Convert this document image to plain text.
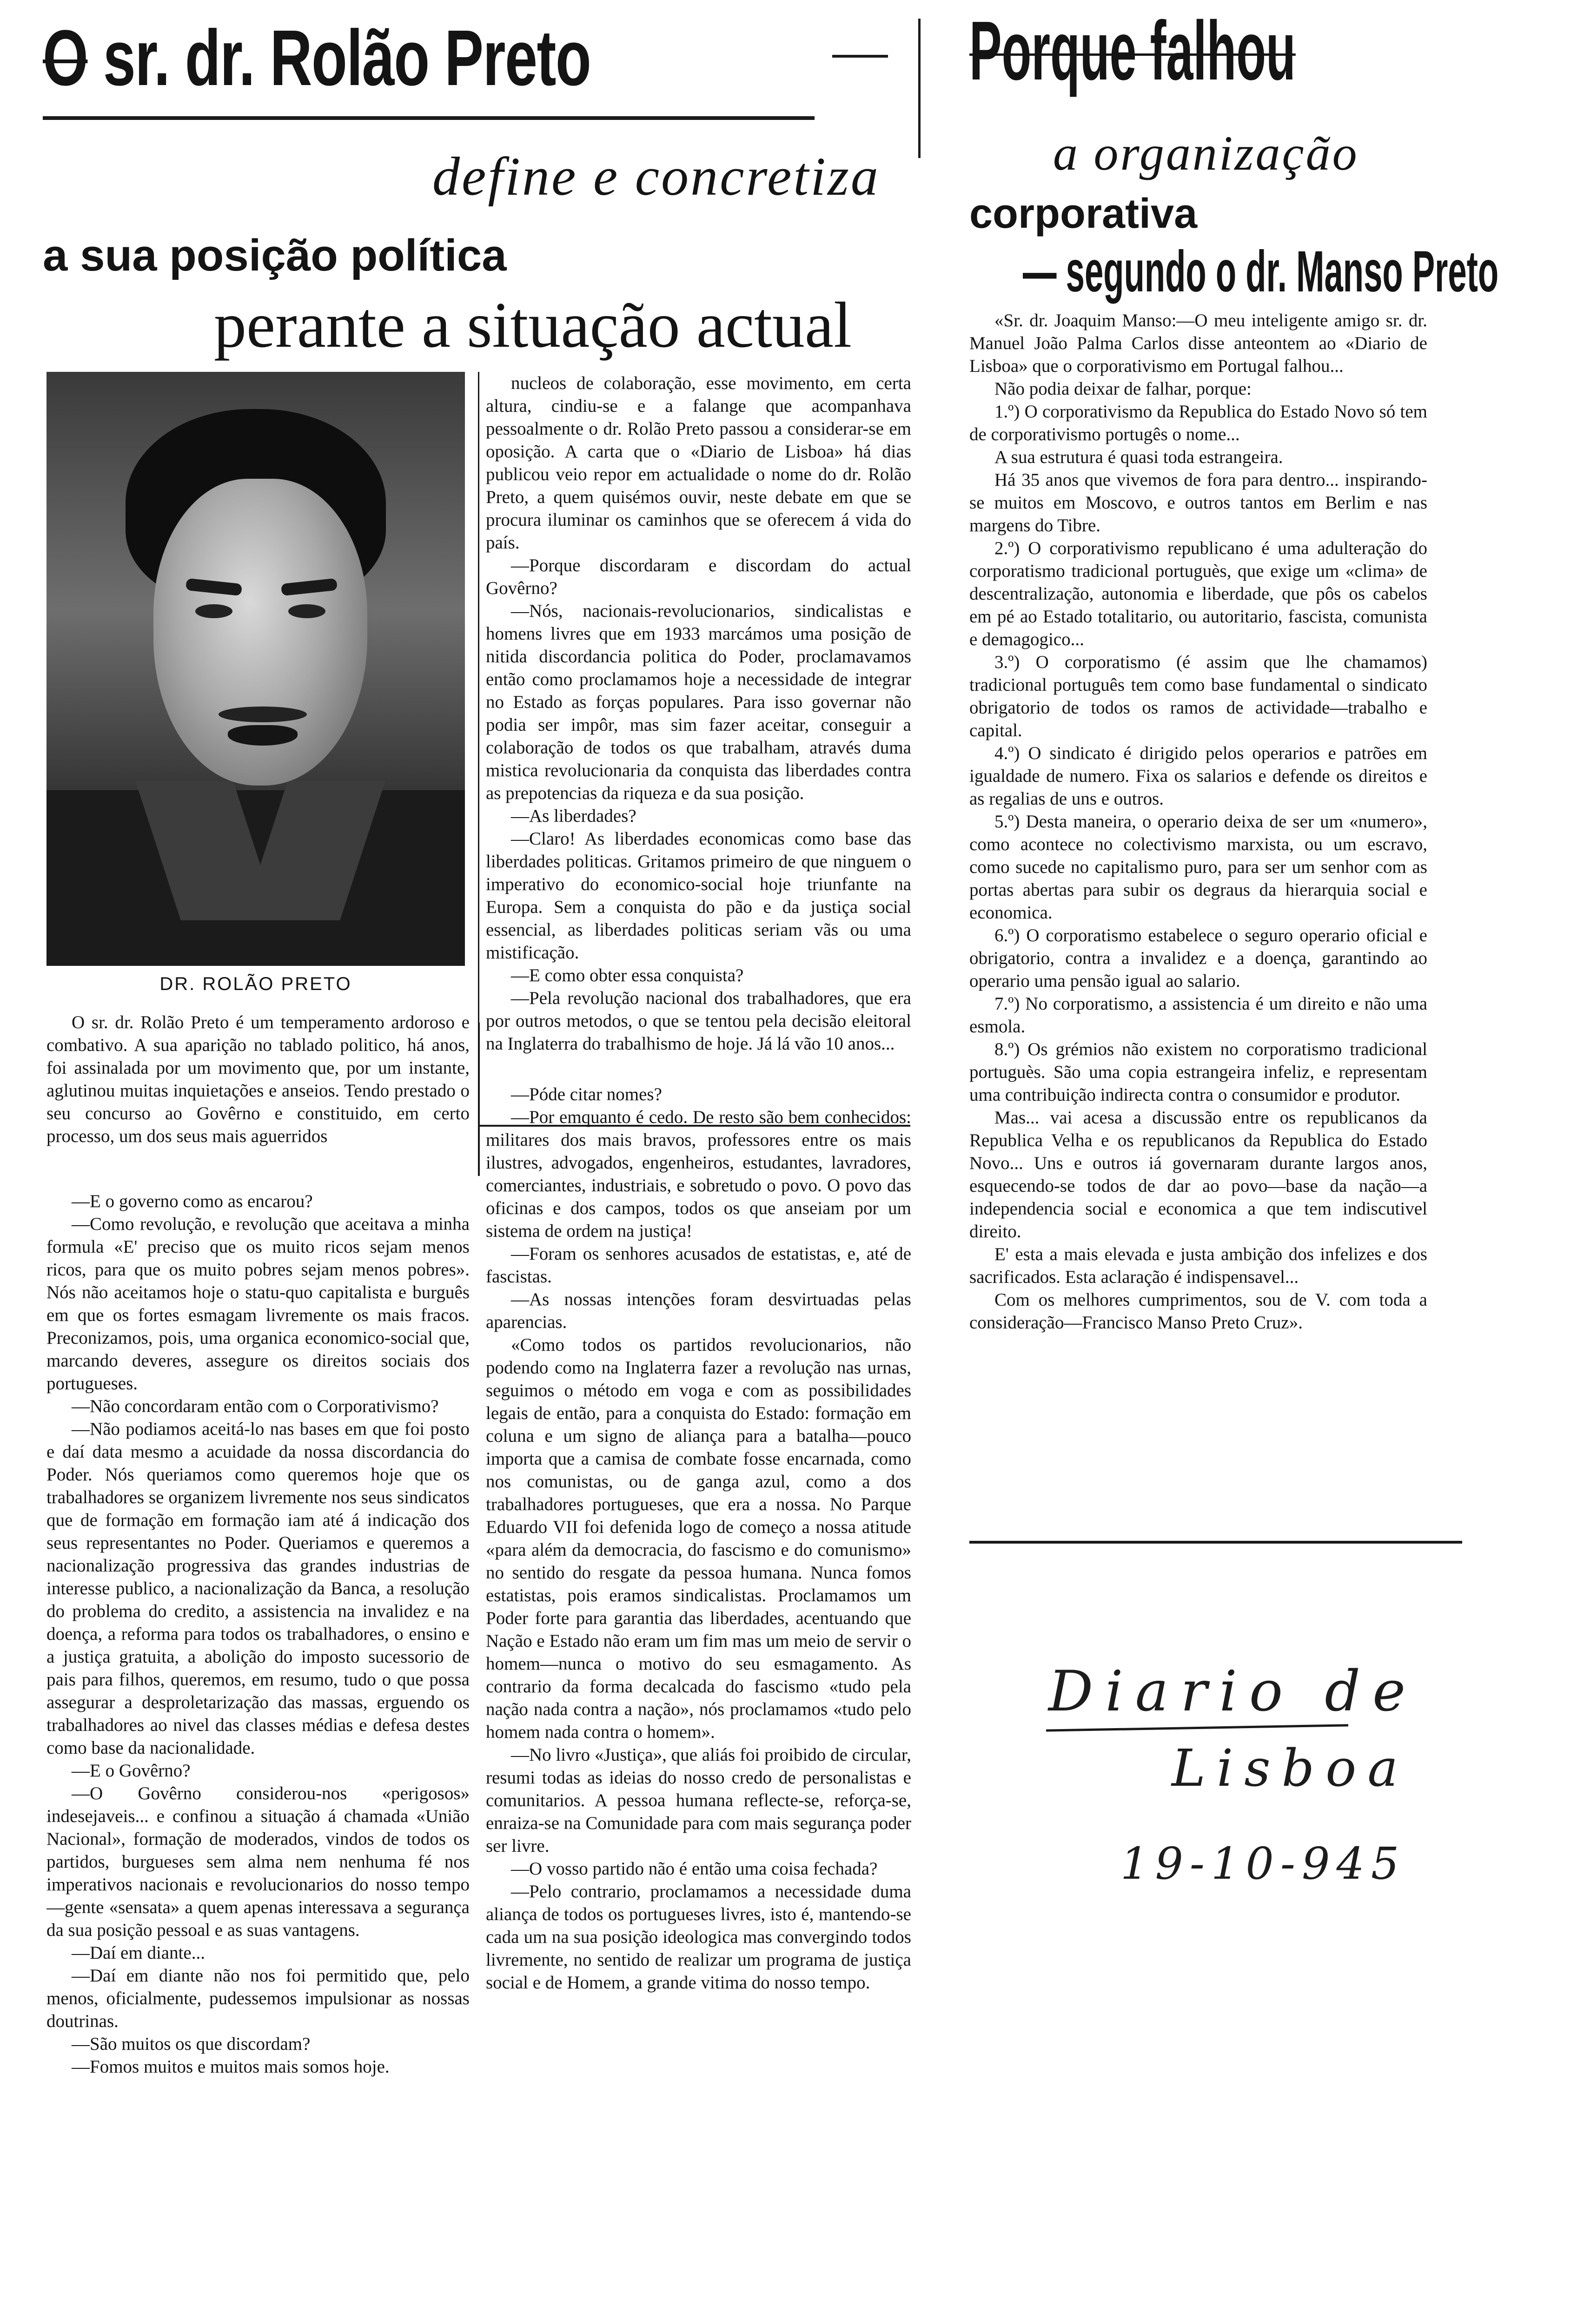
O sr. dr. Rolão Preto
define e concretiza
a sua posição política
perante a situação actual
DR. ROLÃO PRETO

O sr. dr. Rolão Preto é um temperamento ardoroso e combativo. A sua aparição no tablado politico, há anos, foi assinalada por um movimento que, por um instante, aglutinou muitas inquietações e anseios. Tendo prestado o seu concurso ao Govêrno e constituido, em certo processo, um dos seus mais aguerridos

—E o governo como as encarou?

—Como revolução, e revolução que aceitava a minha formula «E' preciso que os muito ricos sejam menos ricos, para que os muito pobres sejam menos pobres». Nós não aceitamos hoje o statu-quo capitalista e burguês em que os fortes esmagam livremente os mais fracos. Preconizamos, pois, uma organica economico-social que, marcando deveres, assegure os direitos sociais dos portugueses.

—Não concordaram então com o Corporativismo?

—Não podiamos aceitá-lo nas bases em que foi posto e daí data mesmo a acuidade da nossa discordancia do Poder. Nós queriamos como queremos hoje que os trabalhadores se organizem livremente nos seus sindicatos que de formação em formação iam até á indicação dos seus representantes no Poder. Queriamos e queremos a nacionalização progressiva das grandes industrias de interesse publico, a nacionalização da Banca, a resolução do problema do credito, a assistencia na invalidez e na doença, a reforma para todos os trabalhadores, o ensino e a justiça gratuita, a abolição do imposto sucessorio de pais para filhos, queremos, em resumo, tudo o que possa assegurar a desproletarização das massas, erguendo os trabalhadores ao nivel das classes médias e defesa destes como base da nacionalidade.

—E o Govêrno?

—O Govêrno considerou-nos «perigosos» indesejaveis... e confinou a situação á chamada «União Nacional», formação de moderados, vindos de todos os partidos, burgueses sem alma nem nenhuma fé nos imperativos nacionais e revolucionarios do nosso tempo—gente «sensata» a quem apenas interessava a segurança da sua posição pessoal e as suas vantagens.

—Daí em diante...

—Daí em diante não nos foi permitido que, pelo menos, oficialmente, pudessemos impulsionar as nossas doutrinas.

—São muitos os que discordam?

—Fomos muitos e muitos mais somos hoje.

nucleos de colaboração, esse movimento, em certa altura, cindiu-se e a falange que acompanhava pessoalmente o dr. Rolão Preto passou a considerar-se em oposição. A carta que o «Diario de Lisboa» há dias publicou veio repor em actualidade o nome do dr. Rolão Preto, a quem quisémos ouvir, neste debate em que se procura iluminar os caminhos que se oferecem á vida do país.

—Porque discordaram e discordam do actual Govêrno?

—Nós, nacionais-revolucionarios, sindicalistas e homens livres que em 1933 marcámos uma posição de nitida discordancia politica do Poder, proclamavamos então como proclamamos hoje a necessidade de integrar no Estado as forças populares. Para isso governar não podia ser impôr, mas sim fazer aceitar, conseguir a colaboração de todos os que trabalham, através duma mistica revolucionaria da conquista das liberdades contra as prepotencias da riqueza e da sua posição.

—As liberdades?

—Claro! As liberdades economicas como base das liberdades politicas. Gritamos primeiro de que ninguem o imperativo do economico-social hoje triunfante na Europa. Sem a conquista do pão e da justiça social essencial, as liberdades politicas seriam vãs ou uma mistificação.

—E como obter essa conquista?

—Pela revolução nacional dos trabalhadores, que era por outros metodos, o que se tentou pela decisão eleitoral na Inglaterra do trabalhismo de hoje. Já lá vão 10 anos...

—Póde citar nomes?

—Por emquanto é cedo. De resto são bem conhecidos: militares dos mais bravos, professores entre os mais ilustres, advogados, engenheiros, estudantes, lavradores, comerciantes, industriais, e sobretudo o povo. O povo das oficinas e dos campos, todos os que anseiam por um sistema de ordem na justiça!

—Foram os senhores acusados de estatistas, e, até de fascistas.

—As nossas intenções foram desvirtuadas pelas aparencias.

«Como todos os partidos revolucionarios, não podendo como na Inglaterra fazer a revolução nas urnas, seguimos o método em voga e com as possibilidades legais de então, para a conquista do Estado: formação em coluna e um signo de aliança para a batalha—pouco importa que a camisa de combate fosse encarnada, como nos comunistas, ou de ganga azul, como a dos trabalhadores portugueses, que era a nossa. No Parque Eduardo VII foi defenida logo de começo a nossa atitude «para além da democracia, do fascismo e do comunismo» no sentido do resgate da pessoa humana. Nunca fomos estatistas, pois eramos sindicalistas. Proclamamos um Poder forte para garantia das liberdades, acentuando que Nação e Estado não eram um fim mas um meio de servir o homem—nunca o motivo do seu esmagamento. As contrario da forma decalcada do fascismo «tudo pela nação nada contra a nação», nós proclamamos «tudo pelo homem nada contra o homem».

—No livro «Justiça», que aliás foi proibido de circular, resumi todas as ideias do nosso credo de personalistas e comunitarios. A pessoa humana reflecte-se, reforça-se, enraiza-se na Comunidade para com mais segurança poder ser livre.

—O vosso partido não é então uma coisa fechada?

—Pelo contrario, proclamamos a necessidade duma aliança de todos os portugueses livres, isto é, mantendo-se cada um na sua posição ideologica mas convergindo todos livremente, no sentido de realizar um programa de justiça social e de Homem, a grande vitima do nosso tempo.

Porque falhou
a organização
corporativa
— segundo o dr. Manso Preto

«Sr. dr. Joaquim Manso:—O meu inteligente amigo sr. dr. Manuel João Palma Carlos disse anteontem ao «Diario de Lisboa» que o corporativismo em Portugal falhou...

Não podia deixar de falhar, porque:

1.º) O corporativismo da Republica do Estado Novo só tem de corporativismo portugês o nome...

A sua estrutura é quasi toda estrangeira.

Há 35 anos que vivemos de fora para dentro... inspirando-se muitos em Moscovo, e outros tantos em Berlim e nas margens do Tibre.

2.º) O corporativismo republicano é uma adulteração do corporatismo tradicional portuguès, que exige um «clima» de descentralização, autonomia e liberdade, que pôs os cabelos em pé ao Estado totalitario, ou autoritario, fascista, comunista e demagogico...

3.º) O corporatismo (é assim que lhe chamamos) tradicional português tem como base fundamental o sindicato obrigatorio de todos os ramos de actividade—trabalho e capital.

4.º) O sindicato é dirigido pelos operarios e patrões em igualdade de numero. Fixa os salarios e defende os direitos e as regalias de uns e outros.

5.º) Desta maneira, o operario deixa de ser um «numero», como acontece no colectivismo marxista, ou um escravo, como sucede no capitalismo puro, para ser um senhor com as portas abertas para subir os degraus da hierarquia social e economica.

6.º) O corporatismo estabelece o seguro operario oficial e obrigatorio, contra a invalidez e a doença, garantindo ao operario uma pensão igual ao salario.

7.º) No corporatismo, a assistencia é um direito e não uma esmola.

8.º) Os grémios não existem no corporatismo tradicional portuguès. São uma copia estrangeira infeliz, e representam uma contribuição indirecta contra o consumidor e produtor.

Mas... vai acesa a discussão entre os republicanos da Republica Velha e os republicanos da Republica do Estado Novo... Uns e outros iá governaram durante largos anos, esquecendo-se todos de dar ao povo—base da nação—a independencia social e economica a que tem indiscutivel direito.

E' esta a mais elevada e justa ambição dos infelizes e dos sacrificados. Esta aclaração é indispensavel...

Com os melhores cumprimentos, sou de V. com toda a consideração—Francisco Manso Preto Cruz».

Diario de
Lisboa
19-10-945
